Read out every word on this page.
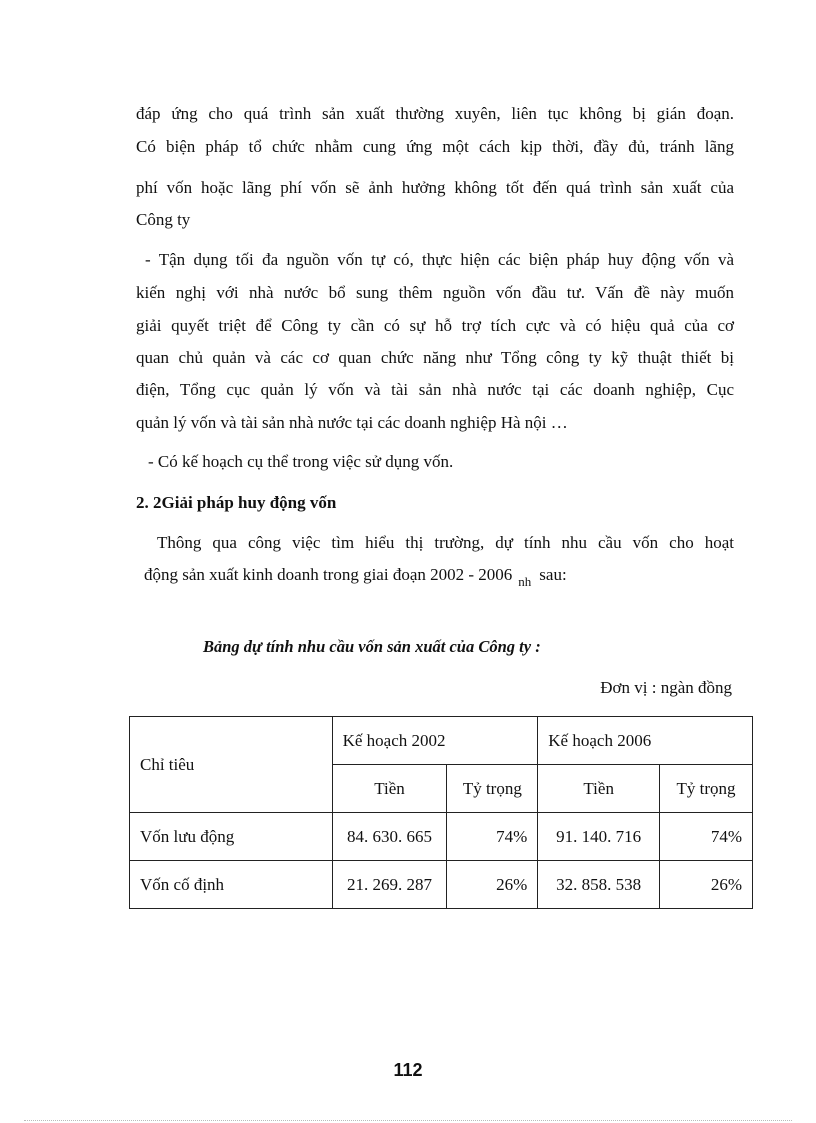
đáp ứng cho quá trình sản xuất thường xuyên, liên tục không bị gián đoạn.
Có biện pháp tổ chức nhằm cung ứng một cách kịp thời, đầy đủ, tránh lãng
phí vốn hoặc lãng phí vốn sẽ ảnh hưởng không tốt đến quá trình sản xuất của
Công ty
- Tận dụng tối đa nguồn vốn tự có, thực hiện các biện pháp huy động vốn và
kiến nghị với nhà nước bổ sung thêm nguồn vốn đầu tư. Vấn đề này muốn
giải quyết triệt để Công ty cần có sự hỗ trợ tích cực và có hiệu quả của cơ
quan chủ quản và các cơ quan chức năng như Tổng công ty kỹ thuật thiết bị
điện, Tổng cục quản lý vốn và tài sản nhà nước tại các doanh nghiệp, Cục
quản lý vốn và tài sản nhà nước tại các doanh nghiệp Hà nội …
- Có kế hoạch cụ thể trong việc sử dụng vốn.
2. 2Giải pháp huy động vốn
Thông qua công việc tìm hiểu thị trường, dự tính nhu cầu vốn cho hoạt
động sản xuất kinh doanh trong giai đoạn 2002 - 2006 $_{nh}$ sau:
Bảng dự tính nhu cầu vốn sản xuất của Công ty :
Đơn vị : ngàn đồng
Chỉ tiêu	Kế hoạch 2002		Kế hoạch 2006	
	Tiền	Tỷ trọng	Tiền	Tỷ trọng
Vốn lưu động	84. 630. 665	74%	91. 140. 716	74%
Vốn cố định	21. 269. 287	26%	32. 858. 538	26%
112
